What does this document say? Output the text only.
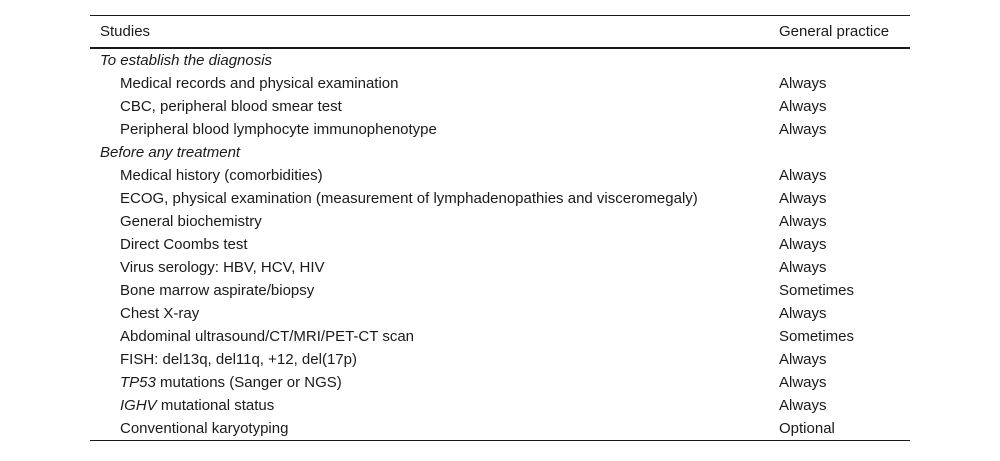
Studies	General practice
To establish the diagnosis
Medical records and physical examination	Always
CBC, peripheral blood smear test	Always
Peripheral blood lymphocyte immunophenotype	Always
Before any treatment
Medical history (comorbidities)	Always
ECOG, physical examination (measurement of lymphadenopathies and visceromegaly)	Always
General biochemistry	Always
Direct Coombs test	Always
Virus serology: HBV, HCV, HIV	Always
Bone marrow aspirate/biopsy	Sometimes
Chest X-ray	Always
Abdominal ultrasound/CT/MRI/PET-CT scan	Sometimes
FISH: del13q, del11q, +12, del(17p)	Always
TP53 mutations (Sanger or NGS)	Always
IGHV mutational status	Always
Conventional karyotyping	Optional
